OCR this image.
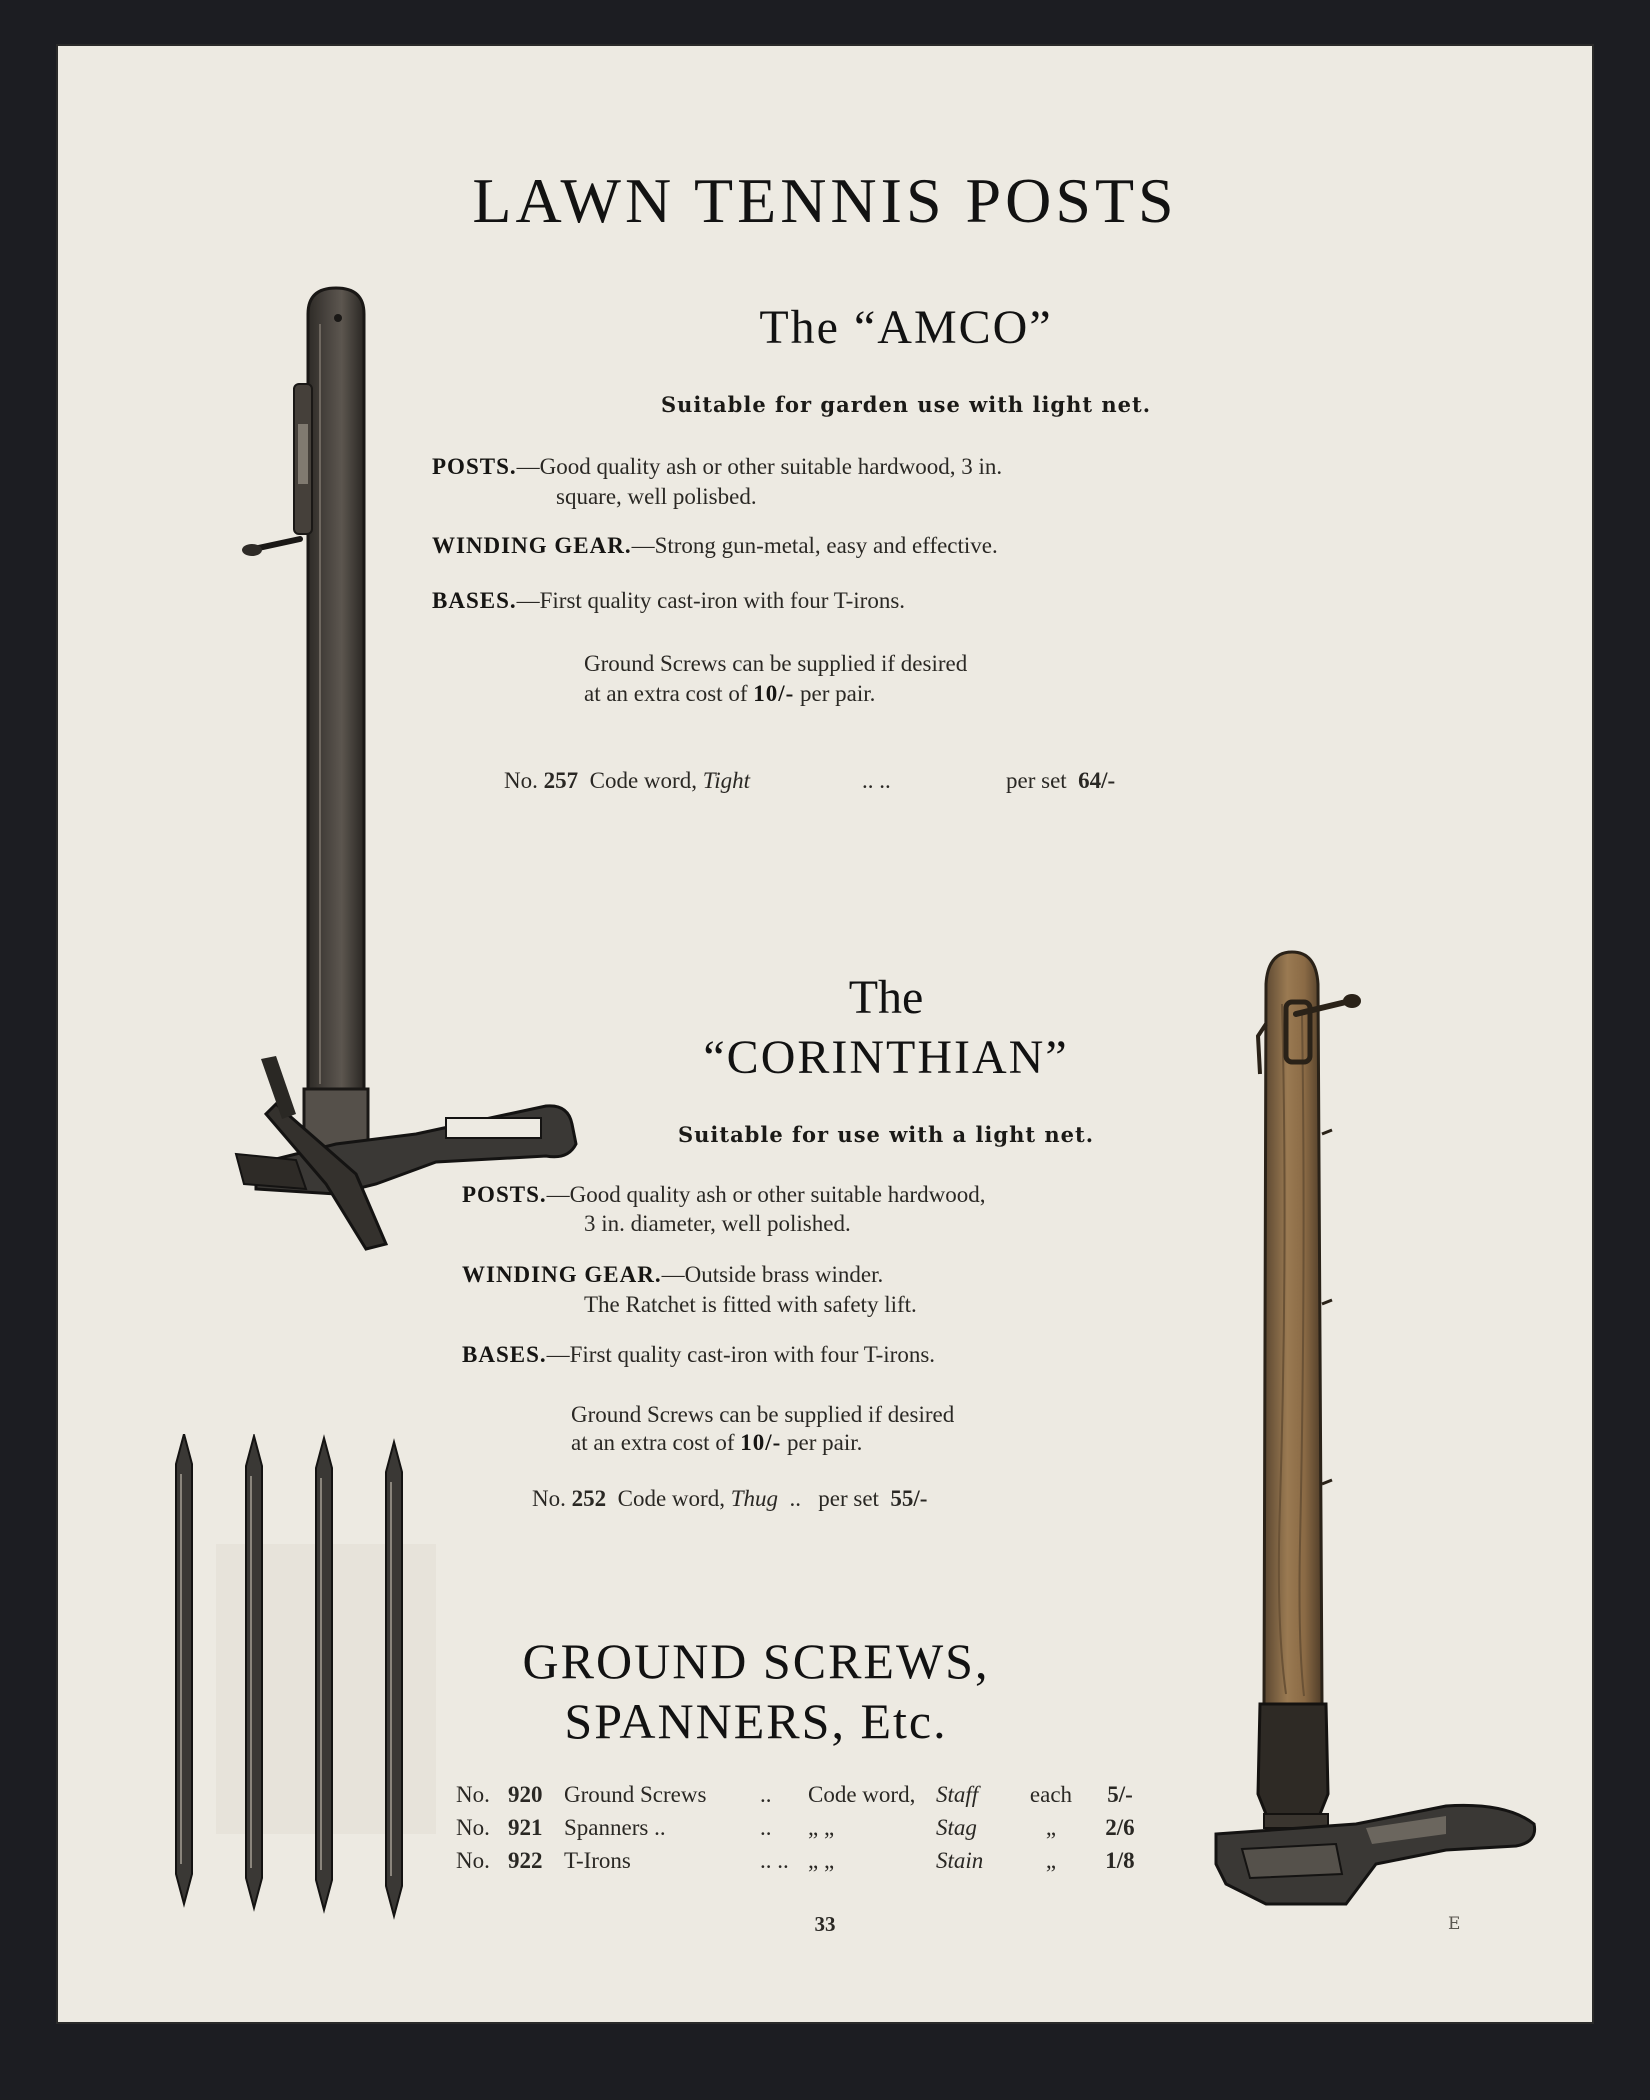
LAWN TENNIS POSTS
The “AMCO”
Suitable for garden use with light net.
POSTS.—Good quality ash or other suitable hardwood, 3 in.
square, well polisbed.
WINDING GEAR.—Strong gun-metal, easy and effective.
BASES.—First quality cast-iron with four T-irons.
Ground Screws can be supplied if desired
at an extra cost of 10/- per pair.
No. 257 Code word, Tight	.. ..	per set 64/-
The
“CORINTHIAN”
Suitable for use with a light net.
POSTS.—Good quality ash or other suitable hardwood,
3 in. diameter, well polished.
WINDING GEAR.—Outside brass winder.
The Ratchet is fitted with safety lift.
BASES.—First quality cast-iron with four T-irons.
Ground Screws can be supplied if desired
at an extra cost of 10/- per pair.
No. 252 Code word, Thug .. per set 55/-
GROUND SCREWS,
SPANNERS, Etc.
No.	920	Ground Screws	..	Code word,	Staff	each	5/-
No.	921	Spanners ..	..	„ „	Stag	„	2/6
No.	922	T-Irons	.. ..	„ „	Stain	„	1/8
33	E
